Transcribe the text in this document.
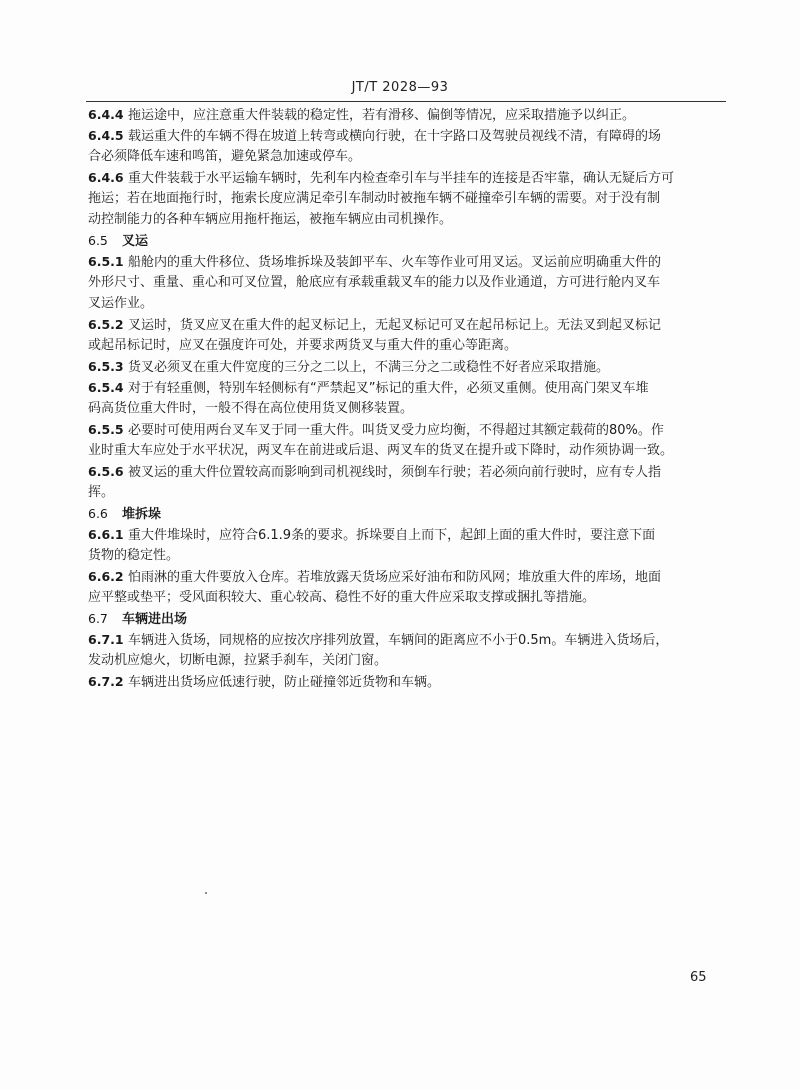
JT/T 2028—93
6.4.4 拖运途中，应注意重大件装载的稳定性，若有滑移、偏倒等情况，应采取措施予以纠正。
6.4.5 载运重大件的车辆不得在坡道上转弯或横向行驶，在十字路口及驾驶员视线不清，有障碍的场
合必须降低车速和鸣笛，避免紧急加速或停车。
6.4.6 重大件装载于水平运输车辆时，先利车内检查牵引车与半挂车的连接是否牢靠，确认无疑后方可
拖运；若在地面拖行时，拖索长度应满足牵引车制动时被拖车辆不碰撞牵引车辆的需要。对于没有制
动控制能力的各种车辆应用拖杆拖运，被拖车辆应由司机操作。
6.5 叉运
6.5.1 船舱内的重大件移位、货场堆拆垛及装卸平车、火车等作业可用叉运。叉运前应明确重大件的
外形尺寸、重量、重心和可叉位置，舱底应有承载重载叉车的能力以及作业通道，方可进行舱内叉车
叉运作业。
6.5.2 叉运时，货叉应叉在重大件的起叉标记上，无起叉标记可叉在起吊标记上。无法叉到起叉标记
或起吊标记时，应叉在强度许可处，并要求两货叉与重大件的重心等距离。
6.5.3 货叉必须叉在重大件宽度的三分之二以上，不满三分之二或稳性不好者应采取措施。
6.5.4 对于有轻重侧，特别车轻侧标有“严禁起叉”标记的重大件，必须叉重侧。使用高门架叉车堆
码高货位重大件时，一般不得在高位使用货叉侧移装置。
6.5.5 必要时可使用两台叉车叉于同一重大件。叫货叉受力应均衡，不得超过其额定载荷的80%。作
业时重大车应处于水平状况，两叉车在前进或后退、两叉车的货叉在提升或下降时，动作须协调一致。
6.5.6 被叉运的重大件位置较高而影响到司机视线时，须倒车行驶；若必须向前行驶时，应有专人指
挥。
6.6 堆拆垛
6.6.1 重大件堆垛时，应符合6.1.9条的要求。拆垛要自上而下，起卸上面的重大件时，要注意下面
货物的稳定性。
6.6.2 怕雨淋的重大件要放入仓库。若堆放露天货场应采好油布和防风网；堆放重大件的库场，地面
应平整或垫平；受风面积较大、重心较高、稳性不好的重大件应采取支撑或捆扎等措施。
6.7 车辆进出场
6.7.1 车辆进入货场，同规格的应按次序排列放置，车辆间的距离应不小于0.5m。车辆进入货场后，
发动机应熄火，切断电源，拉紧手刹车，关闭门窗。
6.7.2 车辆进出货场应低速行驶，防止碰撞邻近货物和车辆。
65
